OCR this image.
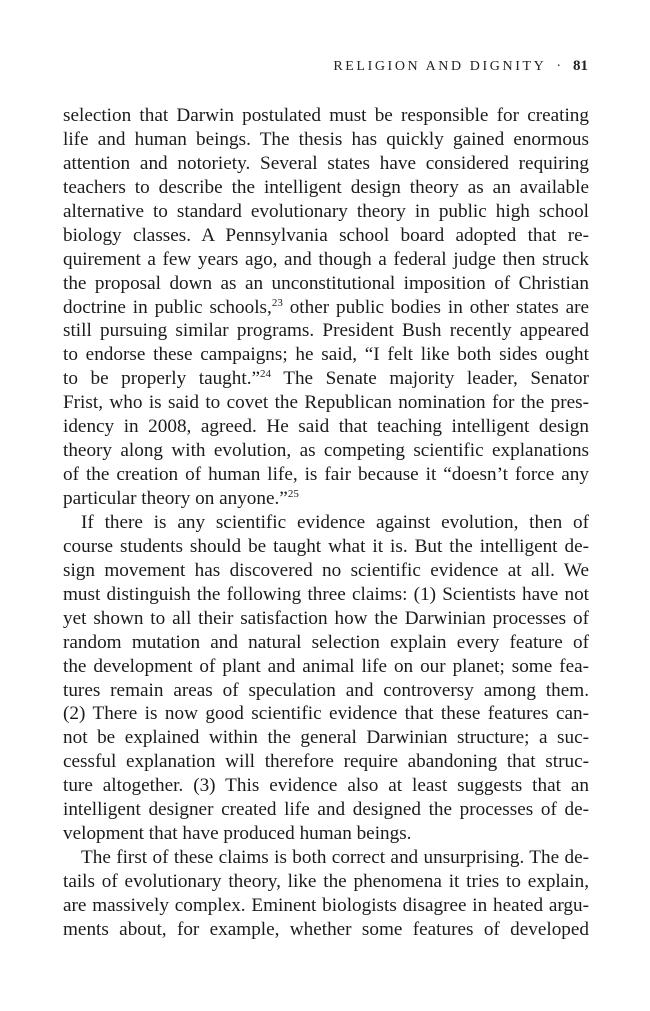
RELIGION AND DIGNITY · 81
selection that Darwin postulated must be responsible for creating
life and human beings. The thesis has quickly gained enormous
attention and notoriety. Several states have considered requiring
teachers to describe the intelligent design theory as an available
alternative to standard evolutionary theory in public high school
biology classes. A Pennsylvania school board adopted that re-
quirement a few years ago, and though a federal judge then struck
the proposal down as an unconstitutional imposition of Christian
doctrine in public schools,$^{23}$ other public bodies in other states are
still pursuing similar programs. President Bush recently appeared
to endorse these campaigns; he said, “I felt like both sides ought
to be properly taught.”$^{24}$ The Senate majority leader, Senator
Frist, who is said to covet the Republican nomination for the pres-
idency in 2008, agreed. He said that teaching intelligent design
theory along with evolution, as competing scientific explanations
of the creation of human life, is fair because it “doesn’t force any
particular theory on anyone.”$^{25}$
If there is any scientific evidence against evolution, then of
course students should be taught what it is. But the intelligent de-
sign movement has discovered no scientific evidence at all. We
must distinguish the following three claims: (1) Scientists have not
yet shown to all their satisfaction how the Darwinian processes of
random mutation and natural selection explain every feature of
the development of plant and animal life on our planet; some fea-
tures remain areas of speculation and controversy among them.
(2) There is now good scientific evidence that these features can-
not be explained within the general Darwinian structure; a suc-
cessful explanation will therefore require abandoning that struc-
ture altogether. (3) This evidence also at least suggests that an
intelligent designer created life and designed the processes of de-
velopment that have produced human beings.
The first of these claims is both correct and unsurprising. The de-
tails of evolutionary theory, like the phenomena it tries to explain,
are massively complex. Eminent biologists disagree in heated argu-
ments about, for example, whether some features of developed
